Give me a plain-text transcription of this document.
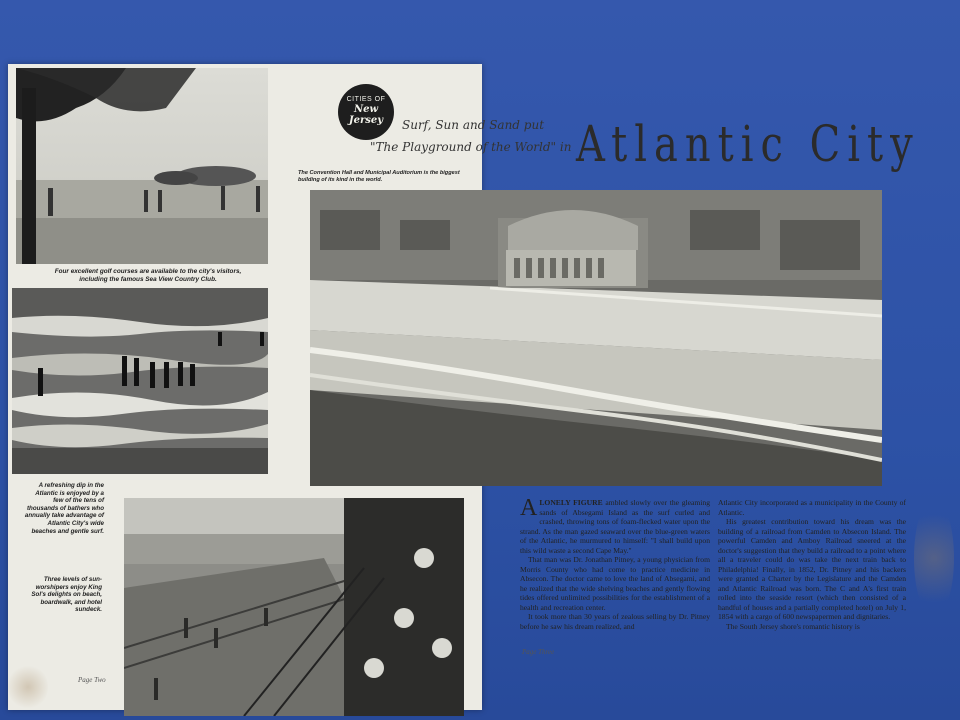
Four excellent golf courses are available to the city's visitors, including the famous Sea View Country Club.
A refreshing dip in the Atlantic is enjoyed by a few of the tens of thousands of bathers who annually take advantage of Atlantic City's wide beaches and gentle surf.
Three levels of sun-worshipers enjoy King Sol's delights on beach, boardwalk, and hotel sundeck.
Page Two
The Convention Hall and Municipal Auditorium is the biggest building of its kind in the world.
CITIES OF
New Jersey	Surf, Sun and Sand put
"The Playground of the World" in Atlantic City

ALONELY FIGURE ambled slowly over the gleaming sands of Absegami Island as the surf curled and crashed, throwing tons of foam-flecked water upon the strand. As the man gazed seaward over the blue-green waters of the Atlantic, he murmured to himself: "I shall build upon this wild waste a second Cape May."

That man was Dr. Jonathan Pitney, a young physician from Morris County who had come to practice medicine in Absecon. The doctor came to love the land of Absegami, and he realized that the wide shelving beaches and gently flowing tides offered unlimited possibilities for the establishment of a health and recreation center.

It took more than 30 years of zealous selling by Dr. Pitney before he saw his dream realized, and

Atlantic City incorporated as a municipality in the County of Atlantic.

His greatest contribution toward his dream was the building of a railroad from Camden to Absecon Island. The powerful Camden and Amboy Railroad sneered at the doctor's suggestion that they build a railroad to a point where all a traveler could do was take the next train back to Philadelphia! Finally, in 1852, Dr. Pitney and his backers were granted a Charter by the Legislature and the Camden and Atlantic Railroad was born. The C and A's first train rolled into the seaside resort (which then consisted of a handful of houses and a partially completed hotel) on July 1, 1854 with a cargo of 600 newspapermen and dignitaries.

The South Jersey shore's romantic history is

Page Three
